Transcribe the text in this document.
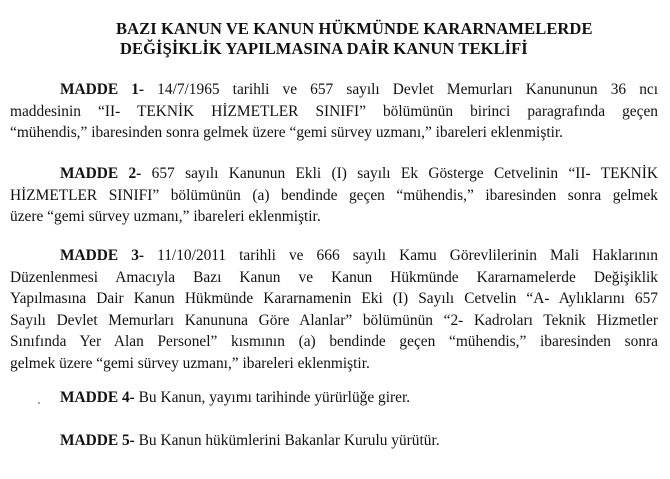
BAZI KANUN VE KANUN HÜKMÜNDE KARARNAMELERDE
DEĞİŞİKLİK YAPILMASINA DAİR KANUN TEKLİFİ
MADDE 1- 14/7/1965 tarihli ve 657 sayılı Devlet Memurları Kanununun 36 ncı
maddesinin “II- TEKNİK HİZMETLER SINIFI” bölümünün birinci paragrafında geçen
“mühendis,” ibaresinden sonra gelmek üzere “gemi sürvey uzmanı,” ibareleri eklenmiştir.
MADDE 2- 657 sayılı Kanunun Ekli (I) sayılı Ek Gösterge Cetvelinin “II- TEKNİK
HİZMETLER SINIFI” bölümünün (a) bendinde geçen “mühendis,” ibaresinden sonra gelmek
üzere “gemi sürvey uzmanı,” ibareleri eklenmiştir.
MADDE 3- 11/10/2011 tarihli ve 666 sayılı Kamu Görevlilerinin Mali Haklarının
Düzenlenmesi Amacıyla Bazı Kanun ve Kanun Hükmünde Kararnamelerde Değişiklik
Yapılmasına Dair Kanun Hükmünde Kararnamenin Eki (I) Sayılı Cetvelin “A- Aylıklarını 657
Sayılı Devlet Memurları Kanununa Göre Alanlar” bölümünün “2- Kadroları Teknik Hizmetler
Sınıfında Yer Alan Personel” kısmının (a) bendinde geçen “mühendis,” ibaresinden sonra
gelmek üzere “gemi sürvey uzmanı,” ibareleri eklenmiştir.
MADDE 4- Bu Kanun, yayımı tarihinde yürürlüğe girer.
MADDE 5- Bu Kanun hükümlerini Bakanlar Kurulu yürütür.
